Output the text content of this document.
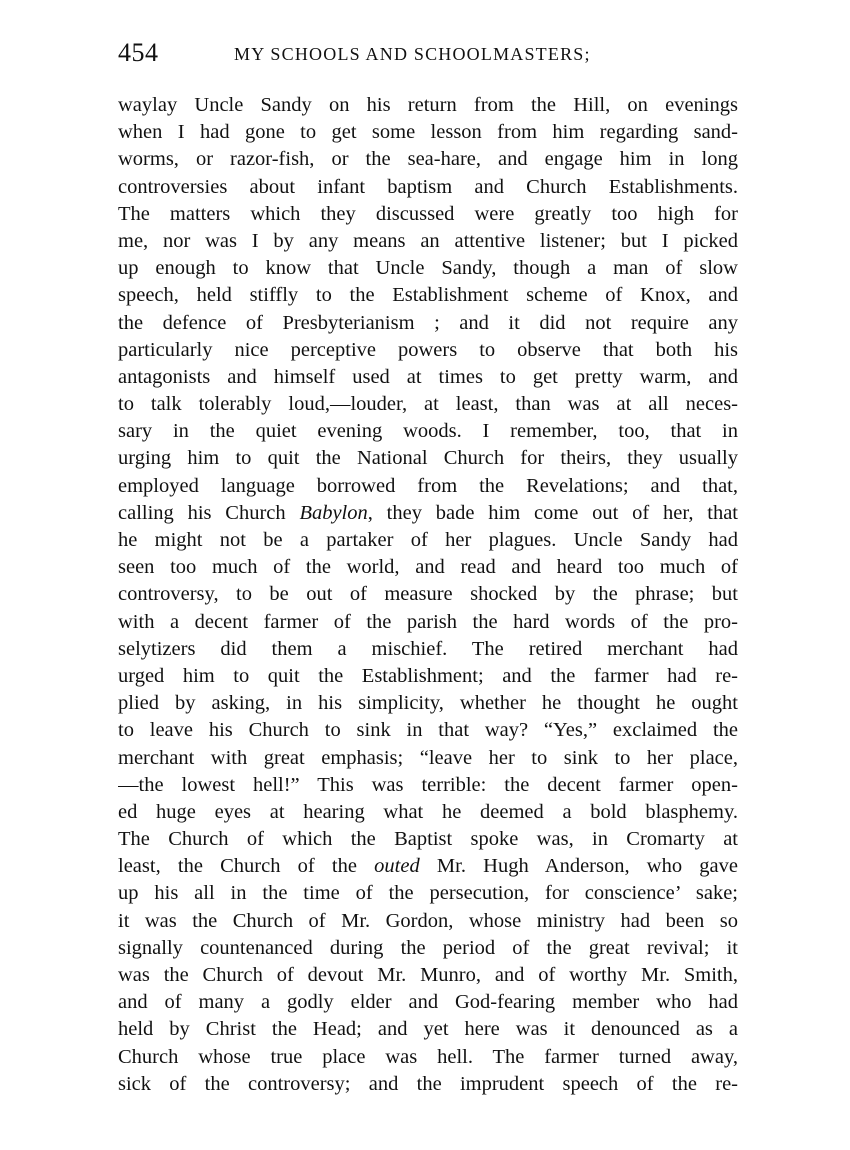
454	MY SCHOOLS AND SCHOOLMASTERS;
waylay Uncle Sandy on his return from the Hill, on evenings
when I had gone to get some lesson from him regarding sand-
worms, or razor-fish, or the sea-hare, and engage him in long
controversies about infant baptism and Church Establishments.
The matters which they discussed were greatly too high for
me, nor was I by any means an attentive listener; but I picked
up enough to know that Uncle Sandy, though a man of slow
speech, held stiffly to the Establishment scheme of Knox, and
the defence of Presbyterianism ; and it did not require any
particularly nice perceptive powers to observe that both his
antagonists and himself used at times to get pretty warm, and
to talk tolerably loud,—louder, at least, than was at all neces-
sary in the quiet evening woods. I remember, too, that in
urging him to quit the National Church for theirs, they usually
employed language borrowed from the Revelations; and that,
calling his Church Babylon, they bade him come out of her, that
he might not be a partaker of her plagues. Uncle Sandy had
seen too much of the world, and read and heard too much of
controversy, to be out of measure shocked by the phrase; but
with a decent farmer of the parish the hard words of the pro-
selytizers did them a mischief. The retired merchant had
urged him to quit the Establishment; and the farmer had re-
plied by asking, in his simplicity, whether he thought he ought
to leave his Church to sink in that way? “Yes,” exclaimed the
merchant with great emphasis; “leave her to sink to her place,
—the lowest hell!” This was terrible: the decent farmer open-
ed huge eyes at hearing what he deemed a bold blasphemy.
The Church of which the Baptist spoke was, in Cromarty at
least, the Church of the outed Mr. Hugh Anderson, who gave
up his all in the time of the persecution, for conscience’ sake;
it was the Church of Mr. Gordon, whose ministry had been so
signally countenanced during the period of the great revival; it
was the Church of devout Mr. Munro, and of worthy Mr. Smith,
and of many a godly elder and God-fearing member who had
held by Christ the Head; and yet here was it denounced as a
Church whose true place was hell. The farmer turned away,
sick of the controversy; and the imprudent speech of the re-
